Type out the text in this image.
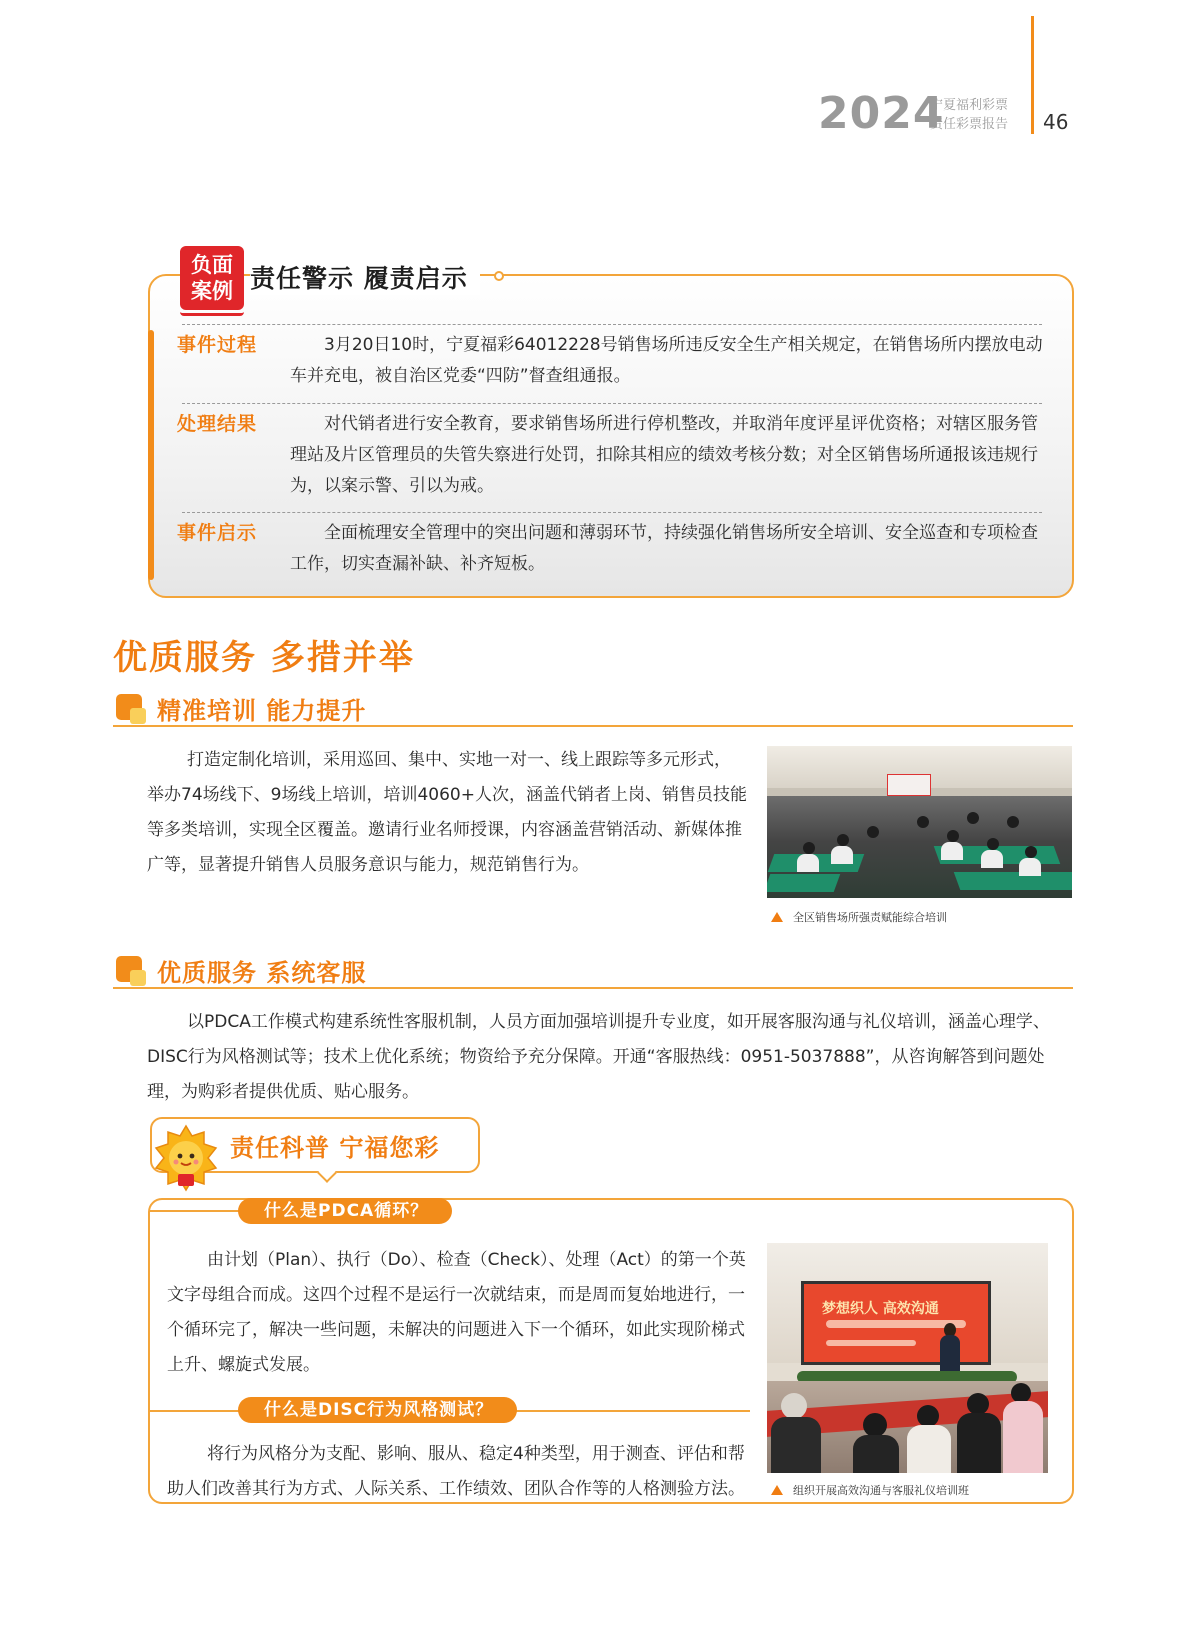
2024
宁夏福利彩票
责任彩票报告 46
负面
案例 责任警示 履责启示
事件过程	3月20日10时，宁夏福彩64012228号销售场所违反安全生产相关规定，在销售场所内摆放电动车并充电，被自治区党委“四防”督查组通报。
处理结果	对代销者进行安全教育，要求销售场所进行停机整改，并取消年度评星评优资格；对辖区服务管理站及片区管理员的失管失察进行处罚，扣除其相应的绩效考核分数；对全区销售场所通报该违规行为，以案示警、引以为戒。
事件启示	全面梳理安全管理中的突出问题和薄弱环节，持续强化销售场所安全培训、安全巡查和专项检查工作，切实查漏补缺、补齐短板。
优质服务 多措并举
精准培训 能力提升
打造定制化培训，采用巡回、集中、实地一对一、线上跟踪等多元形式，举办74场线下、9场线上培训，培训4060+人次，涵盖代销者上岗、销售员技能等多类培训，实现全区覆盖。邀请行业名师授课，内容涵盖营销活动、新媒体推广等，显著提升销售人员服务意识与能力，规范销售行为。
全区销售场所强责赋能综合培训
优质服务 系统客服
以PDCA工作模式构建系统性客服机制，人员方面加强培训提升专业度，如开展客服沟通与礼仪培训，涵盖心理学、DISC行为风格测试等；技术上优化系统；物资给予充分保障。开通“客服热线：0951-5037888”，从咨询解答到问题处理，为购彩者提供优质、贴心服务。
责任科普 宁福您彩
什么是PDCA循环？
由计划（Plan）、执行（Do）、检查（Check）、处理（Act）的第一个英文字母组合而成。这四个过程不是运行一次就结束，而是周而复始地进行，一个循环完了，解决一些问题，未解决的问题进入下一个循环，如此实现阶梯式上升、螺旋式发展。
什么是DISC行为风格测试？
将行为风格分为支配、影响、服从、稳定4种类型，用于测查、评估和帮助人们改善其行为方式、人际关系、工作绩效、团队合作等的人格测验方法。
梦想织人 高效沟通
组织开展高效沟通与客服礼仪培训班
